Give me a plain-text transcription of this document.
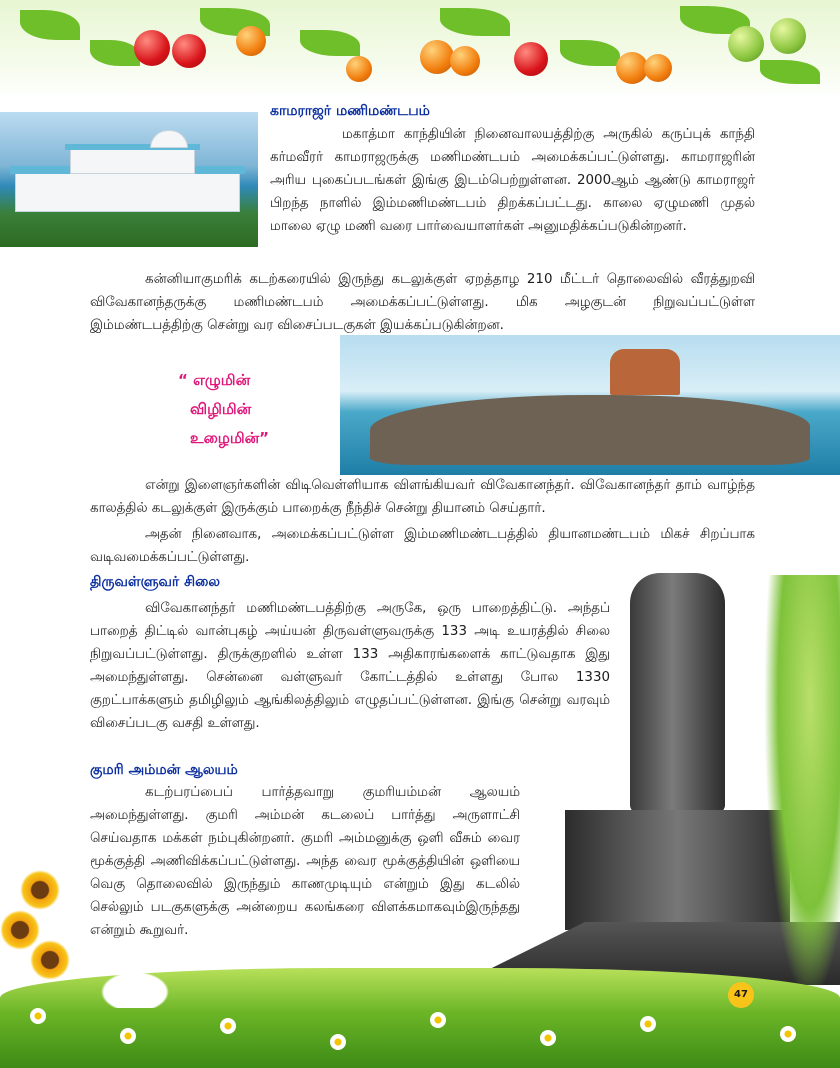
காமராஜர் மணிமண்டபம்
மகாத்மா காந்தியின் நினைவாலயத்திற்கு அருகில் கருப்புக் காந்தி கர்மவீரர் காமராஜருக்கு மணிமண்டபம் அமைக்கப்பட்டுள்ளது. காமராஜரின் அரிய புகைப்படங்கள் இங்கு இடம்பெற்றுள்ளன. 2000ஆம் ஆண்டு காமராஜர் பிறந்த நாளில் இம்மணிமண்டபம் திறக்கப்பட்டது. காலை ஏழுமணி முதல் மாலை ஏழு மணி வரை பார்வையாளர்கள் அனுமதிக்கப்படுகின்றனர்.
கன்னியாகுமரிக் கடற்கரையில் இருந்து கடலுக்குள் ஏறத்தாழ 210 மீட்டர் தொலைவில் வீரத்துறவி விவேகானந்தருக்கு மணிமண்டபம் அமைக்கப்பட்டுள்ளது. மிக அழகுடன் நிறுவப்பட்டுள்ள இம்மண்டபத்திற்கு சென்று வர விசைப்படகுகள் இயக்கப்படுகின்றன.
“ எழுமின்
விழிமின்
உழைமின்”
என்று இளைஞர்களின் விடிவெள்ளியாக விளங்கியவர் விவேகானந்தர். விவேகானந்தர் தாம் வாழ்ந்த காலத்தில் கடலுக்குள் இருக்கும் பாறைக்கு நீந்திச் சென்று தியானம் செய்தார்.
அதன் நினைவாக, அமைக்கப்பட்டுள்ள இம்மணிமண்டபத்தில் தியானமண்டபம் மிகச் சிறப்பாக வடிவமைக்கப்பட்டுள்ளது.
திருவள்ளுவர் சிலை
விவேகானந்தர் மணிமண்டபத்திற்கு அருகே, ஒரு பாறைத்திட்டு. அந்தப் பாறைத் திட்டில் வான்புகழ் அய்யன் திருவள்ளுவருக்கு 133 அடி உயரத்தில் சிலை நிறுவப்பட்டுள்ளது. திருக்குறளில் உள்ள 133 அதிகாரங்களைக் காட்டுவதாக இது அமைந்துள்ளது. சென்னை வள்ளுவர் கோட்டத்தில் உள்ளது போல 1330 குறட்பாக்களும் தமிழிலும் ஆங்கிலத்திலும் எழுதப்பட்டுள்ளன. இங்கு சென்று வரவும் விசைப்படகு வசதி உள்ளது.
குமரி அம்மன் ஆலயம்
கடற்பரப்பைப் பார்த்தவாறு குமரியம்மன் ஆலயம் அமைந்துள்ளது. குமரி அம்மன் கடலைப் பார்த்து அருளாட்சி செய்வதாக மக்கள் நம்புகின்றனர். குமரி அம்மனுக்கு ஒளி வீசும் வைர மூக்குத்தி அணிவிக்கப்பட்டுள்ளது. அந்த வைர மூக்குத்தியின் ஒளியை வெகு தொலைவில் இருந்தும் காணமுடியும் என்றும் இது கடலில் செல்லும் படகுகளுக்கு அன்றைய கலங்கரை விளக்கமாகவும்இருந்தது என்றும் கூறுவர்.
47
